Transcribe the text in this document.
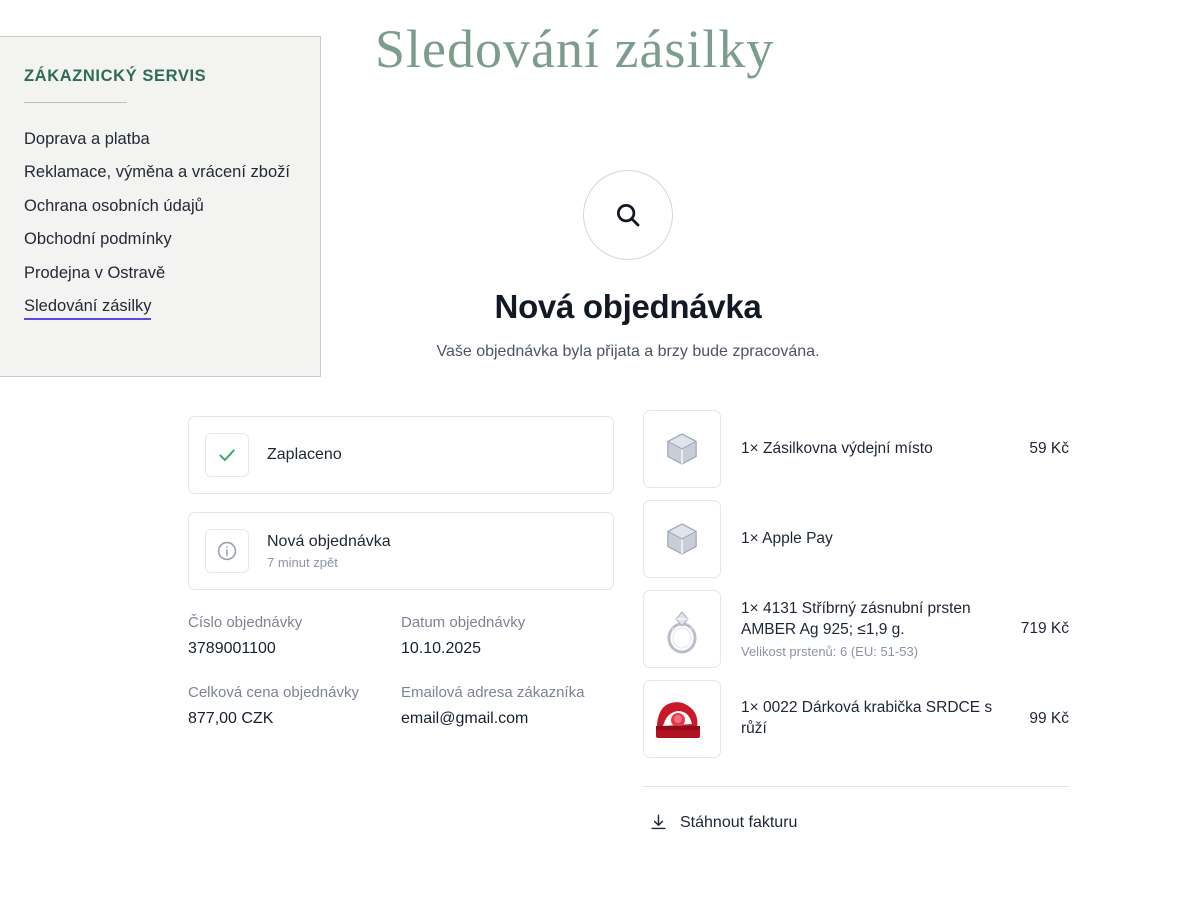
Sledování zásilky
ZÁKAZNICKÝ SERVIS
Doprava a platba
Reklamace, výměna a vrácení zboží
Ochrana osobních údajů
Obchodní podmínky
Prodejna v Ostravě
Sledování zásilky	Nová objednávka

Vaše objednávka byla přijata a brzy bude zpracována.

Zaplaceno
Nová objednávka
7 minut zpět
Číslo objednávky
3789001100
Datum objednávky
10.10.2025
Celková cena objednávky
877,00 CZK
Emailová adresa zákazníka
email@gmail.com
1× Zásilkovna výdejní místo	59 Kč
1× Apple Pay
1× 4131 Stříbrný zásnubní prsten AMBER Ag 925; ≤1,9 g.
Velikost prstenů: 6 (EU: 51-53)
719 Kč
1× 0022 Dárková krabička SRDCE s růží
99 Kč
Stáhnout fakturu
